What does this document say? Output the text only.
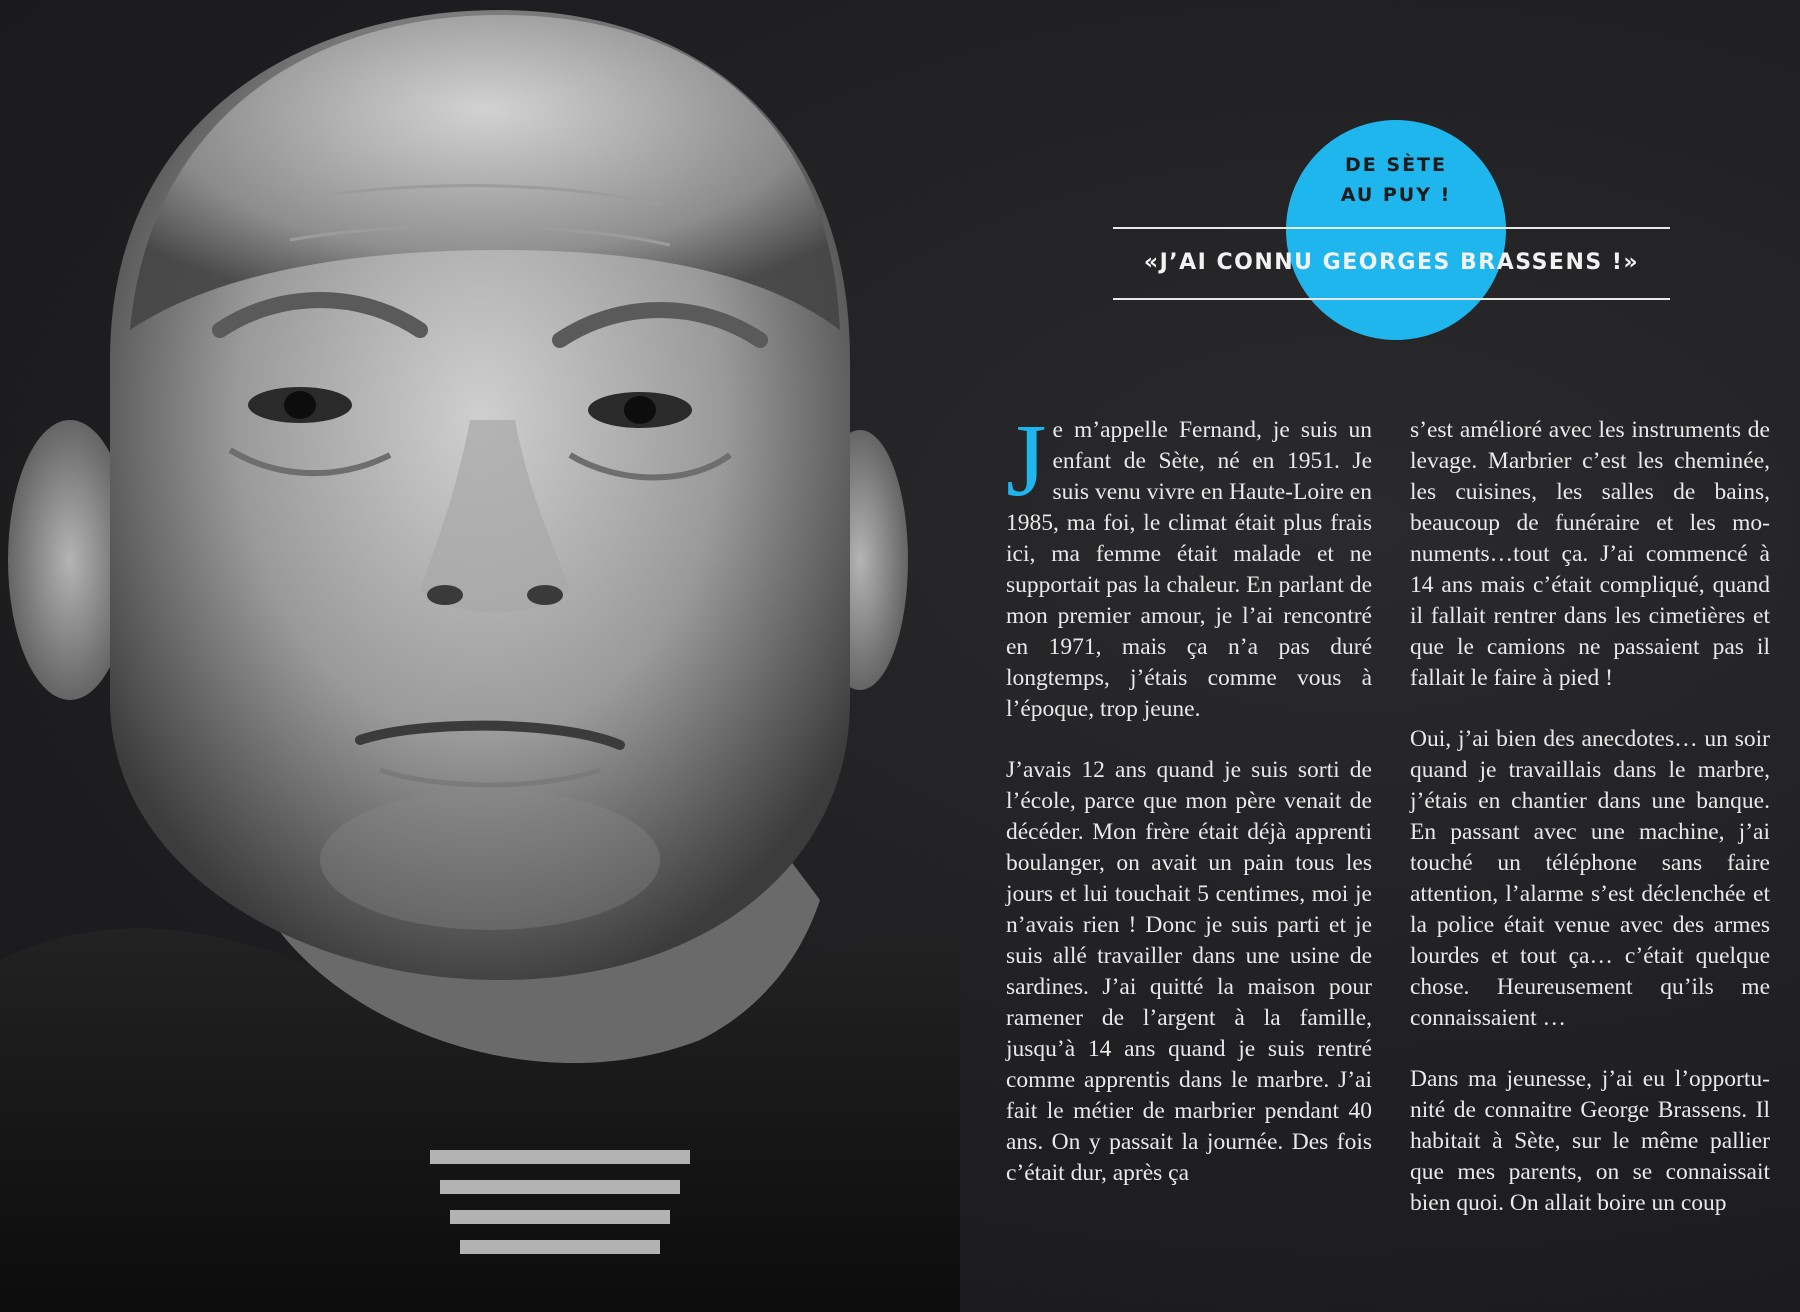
DE SÈTE
AU PUY !
«J’AI CONNU GEORGES BRASSENS !»

Je m’appelle Fernand, je suis un enfant de Sète, né en 1951. Je suis venu vivre en Haute-Loire en 1985, ma foi, le climat était plus frais ici, ma femme était malade et ne supportait pas la chaleur. En parlant de mon premier amour, je l’ai rencontré en 1971, mais ça n’a pas duré longtemps, j’étais comme vous à l’époque, trop jeune.

J’avais 12 ans quand je suis sorti de l’école, parce que mon père venait de décéder. Mon frère était déjà apprenti boulanger, on avait un pain tous les jours et lui touchait 5 centimes, moi je n’avais rien ! Donc je suis parti et je suis allé travailler dans une usine de sardines. J’ai quitté la maison pour ramener de l’argent à la famille, jusqu’à 14 ans quand je suis rentré comme apprentis dans le marbre. J’ai fait le métier de marbrier pendant 40 ans. On y passait la journée. Des fois c’était dur, après ça

s’est amélioré avec les instruments de levage. Marbrier c’est les cheminée, les cuisines, les salles de bains, beaucoup de funéraire et les monuments…tout ça. J’ai commencé à 14 ans mais c’était compliqué, quand il fallait rentrer dans les cimetières et que le camions ne passaient pas il fallait le faire à pied !

Oui, j’ai bien des anecdotes… un soir quand je travaillais dans le marbre, j’étais en chantier dans une banque. En passant avec une machine, j’ai touché un téléphone sans faire attention, l’alarme s’est déclenchée et la police était venue avec des armes lourdes et tout ça… c’était quelque chose. Heureusement qu’ils me connaissaient …

Dans ma jeunesse, j’ai eu l’opportunité de connaitre George Brassens. Il habitait à Sète, sur le même pallier que mes parents, on se connaissait bien quoi. On allait boire un coup
